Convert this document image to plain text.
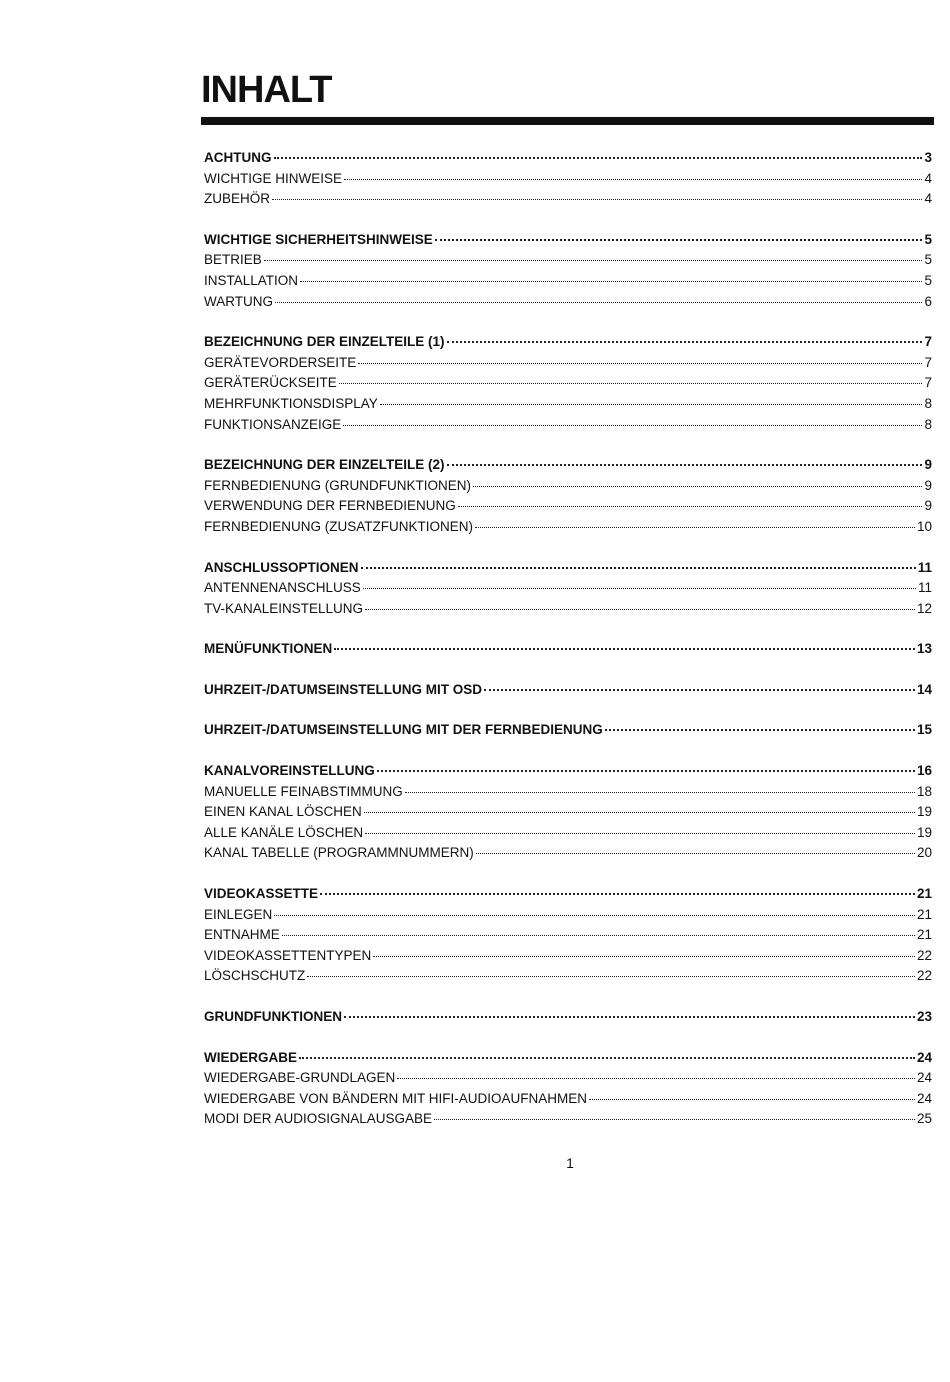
INHALT
ACHTUNG	3
WICHTIGE HINWEISE	4
ZUBEHÖR	4
WICHTIGE SICHERHEITSHINWEISE	5
BETRIEB	5
INSTALLATION	5
WARTUNG	6
BEZEICHNUNG DER EINZELTEILE (1)	7
GERÄTEVORDERSEITE	7
GERÄTERÜCKSEITE	7
MEHRFUNKTIONSDISPLAY	8
FUNKTIONSANZEIGE	8
BEZEICHNUNG DER EINZELTEILE (2)	9
FERNBEDIENUNG (GRUNDFUNKTIONEN)	9
VERWENDUNG DER FERNBEDIENUNG	9
FERNBEDIENUNG (ZUSATZFUNKTIONEN)	10
ANSCHLUSSOPTIONEN	11
ANTENNENANSCHLUSS	11
TV-KANALEINSTELLUNG	12
MENÜFUNKTIONEN	13
UHRZEIT-/DATUMSEINSTELLUNG MIT OSD	14
UHRZEIT-/DATUMSEINSTELLUNG MIT DER FERNBEDIENUNG	15
KANALVOREINSTELLUNG	16
MANUELLE FEINABSTIMMUNG	18
EINEN KANAL LÖSCHEN	19
ALLE KANÄLE LÖSCHEN	19
KANAL TABELLE (PROGRAMMNUMMERN)	20
VIDEOKASSETTE	21
EINLEGEN	21
ENTNAHME	21
VIDEOKASSETTENTYPEN	22
LÖSCHSCHUTZ	22
GRUNDFUNKTIONEN	23
WIEDERGABE	24
WIEDERGABE-GRUNDLAGEN	24
WIEDERGABE VON BÄNDERN MIT HIFI-AUDIOAUFNAHMEN	24
MODI DER AUDIOSIGNALAUSGABE	25
1
